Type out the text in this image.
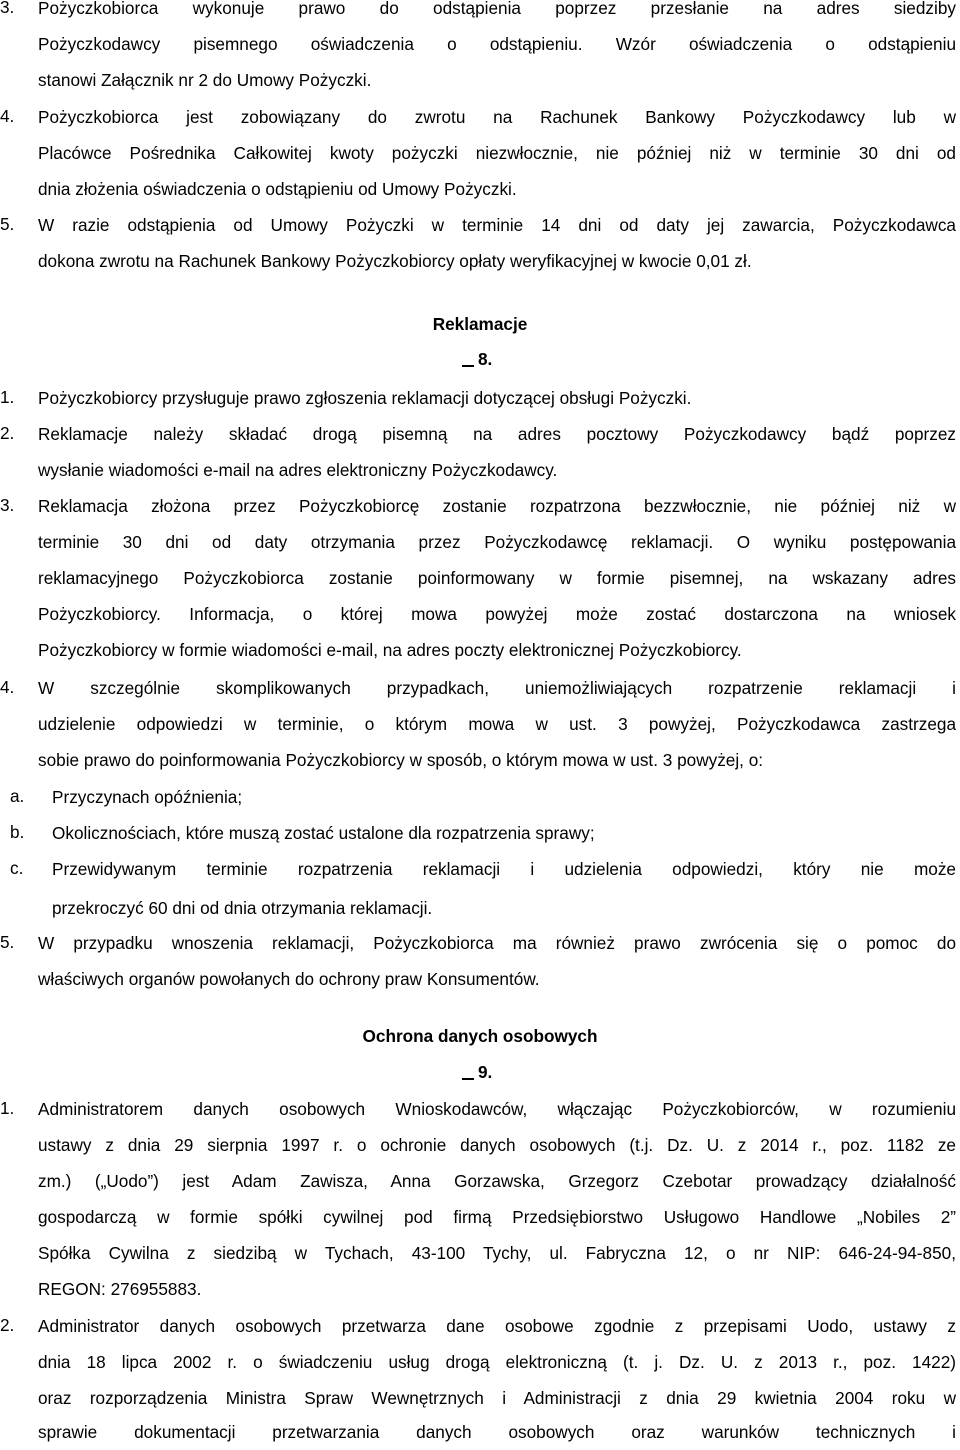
3. Pożyczkobiorca wykonuje prawo do odstąpienia poprzez przesłanie na adres siedziby
Pożyczkodawcy pisemnego oświadczenia o odstąpieniu. Wzór oświadczenia o odstąpieniu
stanowi Załącznik nr 2 do Umowy Pożyczki.
4. Pożyczkobiorca jest zobowiązany do zwrotu na Rachunek Bankowy Pożyczkodawcy lub w
Placówce Pośrednika Całkowitej kwoty pożyczki niezwłocznie, nie później niż w terminie 30 dni od
dnia złożenia oświadczenia o odstąpieniu od Umowy Pożyczki.
5. W razie odstąpienia od Umowy Pożyczki w terminie 14 dni od daty jej zawarcia, Pożyczkodawca
dokona zwrotu na Rachunek Bankowy Pożyczkobiorcy opłaty weryfikacyjnej w kwocie 0,01 zł.
Reklamacje
8.
1. Pożyczkobiorcy przysługuje prawo zgłoszenia reklamacji dotyczącej obsługi Pożyczki.
2. Reklamacje należy składać drogą pisemną na adres pocztowy Pożyczkodawcy bądź poprzez
wysłanie wiadomości e-mail na adres elektroniczny Pożyczkodawcy.
3. Reklamacja złożona przez Pożyczkobiorcę zostanie rozpatrzona bezzwłocznie, nie później niż w
terminie 30 dni od daty otrzymania przez Pożyczkodawcę reklamacji. O wyniku postępowania
reklamacyjnego Pożyczkobiorca zostanie poinformowany w formie pisemnej, na wskazany adres
Pożyczkobiorcy. Informacja, o której mowa powyżej może zostać dostarczona na wniosek
Pożyczkobiorcy w formie wiadomości e-mail, na adres poczty elektronicznej Pożyczkobiorcy.
4. W szczególnie skomplikowanych przypadkach, uniemożliwiających rozpatrzenie reklamacji i
udzielenie odpowiedzi w terminie, o którym mowa w ust. 3 powyżej, Pożyczkodawca zastrzega
sobie prawo do poinformowania Pożyczkobiorcy w sposób, o którym mowa w ust. 3 powyżej, o:
a. Przyczynach opóźnienia;
b. Okolicznościach, które muszą zostać ustalone dla rozpatrzenia sprawy;
c. Przewidywanym terminie rozpatrzenia reklamacji i udzielenia odpowiedzi, który nie może
przekroczyć 60 dni od dnia otrzymania reklamacji.
5. W przypadku wnoszenia reklamacji, Pożyczkobiorca ma również prawo zwrócenia się o pomoc do
właściwych organów powołanych do ochrony praw Konsumentów.
Ochrona danych osobowych
9.
1. Administratorem danych osobowych Wnioskodawców, włączając Pożyczkobiorców, w rozumieniu
ustawy z dnia 29 sierpnia 1997 r. o ochronie danych osobowych (t.j. Dz. U. z 2014 r., poz. 1182 ze
zm.) („Uodo”) jest Adam Zawisza, Anna Gorzawska, Grzegorz Czebotar prowadzący działalność
gospodarczą w formie spółki cywilnej pod firmą Przedsiębiorstwo Usługowo Handlowe „Nobiles 2”
Spółka Cywilna z siedzibą w Tychach, 43-100 Tychy, ul. Fabryczna 12, o nr NIP: 646-24-94-850,
REGON: 276955883.
2. Administrator danych osobowych przetwarza dane osobowe zgodnie z przepisami Uodo, ustawy z
dnia 18 lipca 2002 r. o świadczeniu usług drogą elektroniczną (t. j. Dz. U. z 2013 r., poz. 1422)
oraz rozporządzenia Ministra Spraw Wewnętrznych i Administracji z dnia 29 kwietnia 2004 roku w
sprawie dokumentacji przetwarzania danych osobowych oraz warunków technicznych i
